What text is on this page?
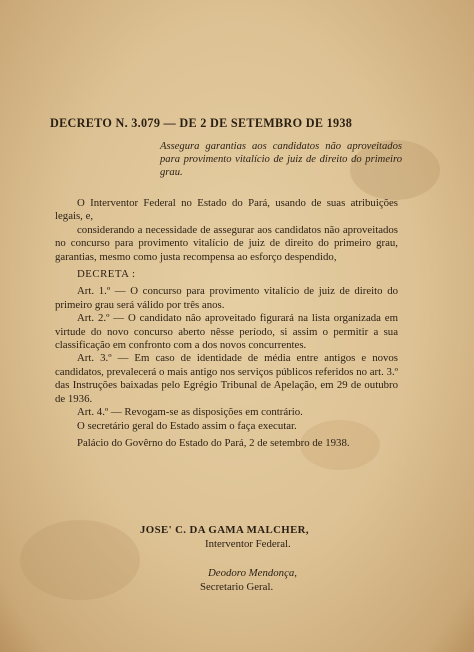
DECRETO N. 3.079 — DE 2 DE SETEMBRO DE 1938
Assegura garantias aos candidatos não aproveitados para provimento vitalício de juiz de direito do primeiro grau.

O Interventor Federal no Estado do Pará, usando de suas atribuições legais, e,

considerando a necessidade de assegurar aos candidatos não aproveitados no concurso para provimento vitalício de juiz de direito do primeiro grau, garantias, mesmo como justa recompensa ao esforço despendido,

DECRETA :

Art. 1.º — O concurso para provimento vitalício de juiz de direito do primeiro grau será válido por três anos.

Art. 2.º — O candidato não aproveitado figurará na lista organizada em virtude do novo concurso aberto nêsse período, si assim o permitir a sua classificação em confronto com a dos novos concurrentes.

Art. 3.º — Em caso de identidade de média entre antigos e novos candidatos, prevalecerá o mais antigo nos serviços públicos referidos no art. 3.º das Instruções baixadas pelo Egrégio Tribunal de Apelação, em 29 de outubro de 1936.

Art. 4.º — Revogam-se as disposições em contrário.

O secretário geral do Estado assim o faça executar.

Palácio do Govêrno do Estado do Pará, 2 de setembro de 1938.

JOSE' C. DA GAMA MALCHER,
Interventor Federal.
Deodoro Mendonça,
Secretario Geral.
